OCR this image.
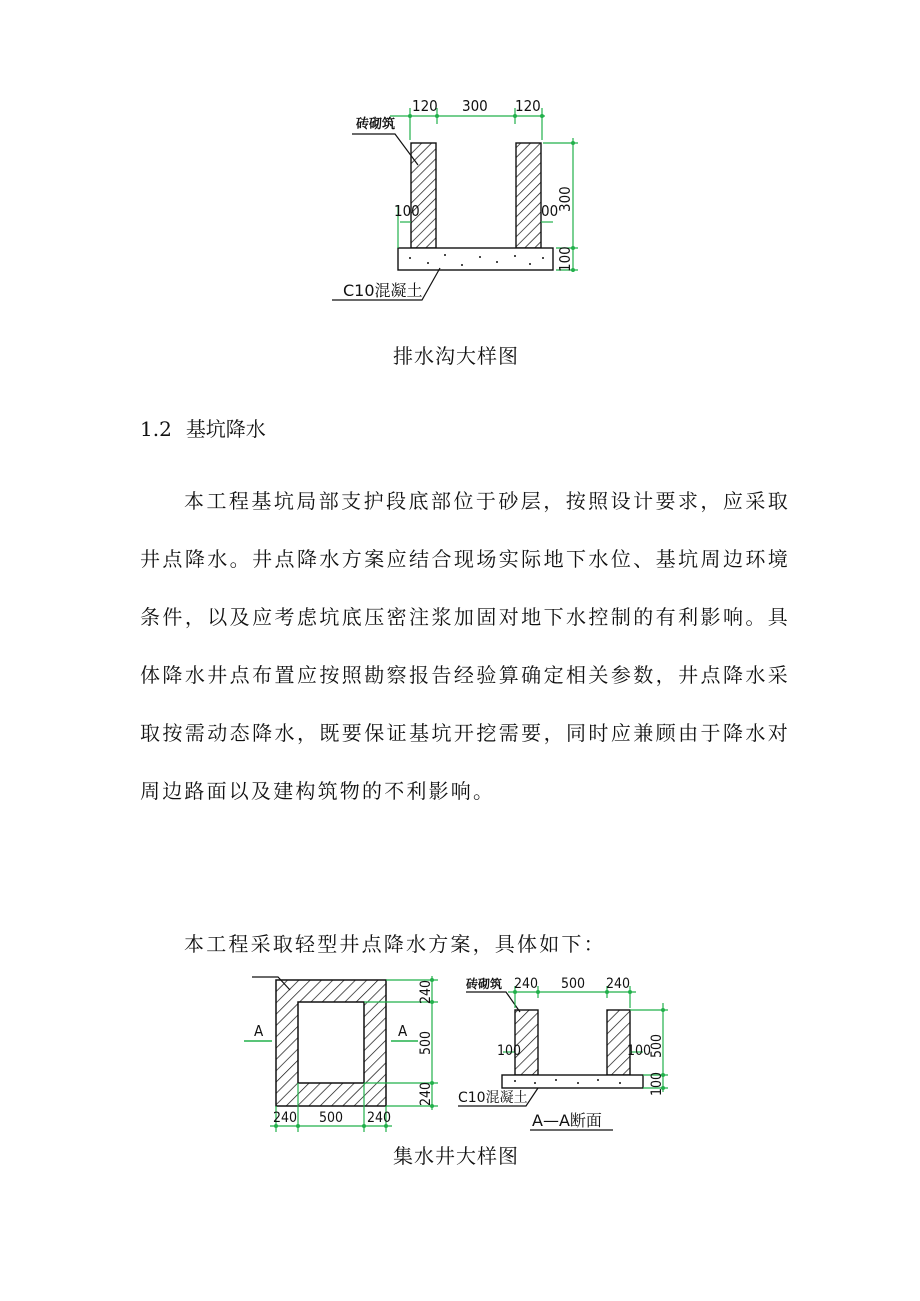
120 300 120
砖砌筑
100	00
300
100
C10混凝土
排水沟大样图
1.2 基坑降水
本工程基坑局部支护段底部位于砂层，按照设计要求，应采取井点降水。井点降水方案应结合现场实际地下水位、基坑周边环境条件，以及应考虑坑底压密注浆加固对地下水控制的有利影响。具体降水井点布置应按照勘察报告经验算确定相关参数，井点降水采取按需动态降水，既要保证基坑开挖需要，同时应兼顾由于降水对周边路面以及建构筑物的不利影响。
本工程采取轻型井点降水方案，具体如下：
A	A
240
500
240
240 500 240
砖砌筑 240 500 240
100	100
500
100
C10混凝土
A—A断面
集水井大样图
